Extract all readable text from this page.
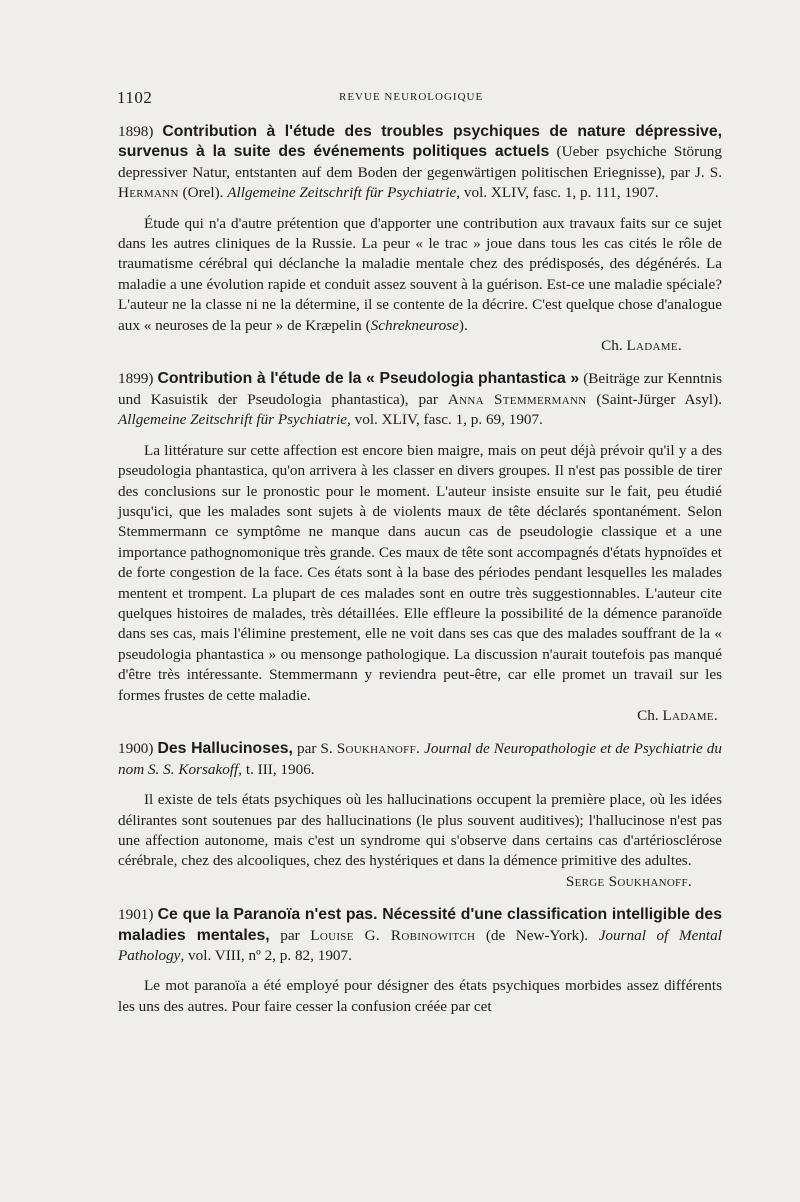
1102	REVUE NEUROLOGIQUE

1898) Contribution à l'étude des troubles psychiques de nature dépressive, survenus à la suite des événements politiques actuels (Ueber psychiche Störung depressiver Natur, entstanten auf dem Boden der gegenwärtigen politischen Eriegnisse), par J. S. Hermann (Orel). Allgemeine Zeitschrift für Psychiatrie, vol. XLIV, fasc. 1, p. 111, 1907.

Étude qui n'a d'autre prétention que d'apporter une contribution aux travaux faits sur ce sujet dans les autres cliniques de la Russie. La peur « le trac » joue dans tous les cas cités le rôle de traumatisme cérébral qui déclanche la maladie mentale chez des prédisposés, des dégénérés. La maladie a une évolution rapide et conduit assez souvent à la guérison. Est-ce une maladie spéciale? L'auteur ne la classe ni ne la détermine, il se contente de la décrire. C'est quelque chose d'analogue aux « neuroses de la peur » de Kræpelin (Schrekneurose).

Ch. Ladame.

1899) Contribution à l'étude de la « Pseudologia phantastica » (Beiträge zur Kenntnis und Kasuistik der Pseudologia phantastica), par Anna Stemmermann (Saint-Jürger Asyl). Allgemeine Zeitschrift für Psychiatrie, vol. XLIV, fasc. 1, p. 69, 1907.

La littérature sur cette affection est encore bien maigre, mais on peut déjà prévoir qu'il y a des pseudologia phantastica, qu'on arrivera à les classer en divers groupes. Il n'est pas possible de tirer des conclusions sur le pronostic pour le moment. L'auteur insiste ensuite sur le fait, peu étudié jusqu'ici, que les malades sont sujets à de violents maux de tête déclarés spontanément. Selon Stemmermann ce symptôme ne manque dans aucun cas de pseudologie classique et a une importance pathognomonique très grande. Ces maux de tête sont accompagnés d'états hypnoïdes et de forte congestion de la face. Ces états sont à la base des périodes pendant lesquelles les malades mentent et trompent. La plupart de ces malades sont en outre très suggestionnables. L'auteur cite quelques histoires de malades, très détaillées. Elle effleure la possibilité de la démence paranoïde dans ses cas, mais l'élimine prestement, elle ne voit dans ses cas que des malades souffrant de la « pseudologia phantastica » ou mensonge pathologique. La discussion n'aurait toutefois pas manqué d'être très intéressante. Stemmermann y reviendra peut-être, car elle promet un travail sur les formes frustes de cette maladie.

Ch. Ladame.

1900) Des Hallucinoses, par S. Soukhanoff. Journal de Neuropathologie et de Psychiatrie du nom S. S. Korsakoff, t. III, 1906.

Il existe de tels états psychiques où les hallucinations occupent la première place, où les idées délirantes sont soutenues par des hallucinations (le plus souvent auditives); l'hallucinose n'est pas une affection autonome, mais c'est un syndrome qui s'observe dans certains cas d'artériosclérose cérébrale, chez des alcooliques, chez des hystériques et dans la démence primitive des adultes.

Serge Soukhanoff.

1901) Ce que la Paranoïa n'est pas. Nécessité d'une classification intelligible des maladies mentales, par Louise G. Robinowitch (de New-York). Journal of Mental Pathology, vol. VIII, nº 2, p. 82, 1907.

Le mot paranoïa a été employé pour désigner des états psychiques morbides assez différents les uns des autres. Pour faire cesser la confusion créée par cet
